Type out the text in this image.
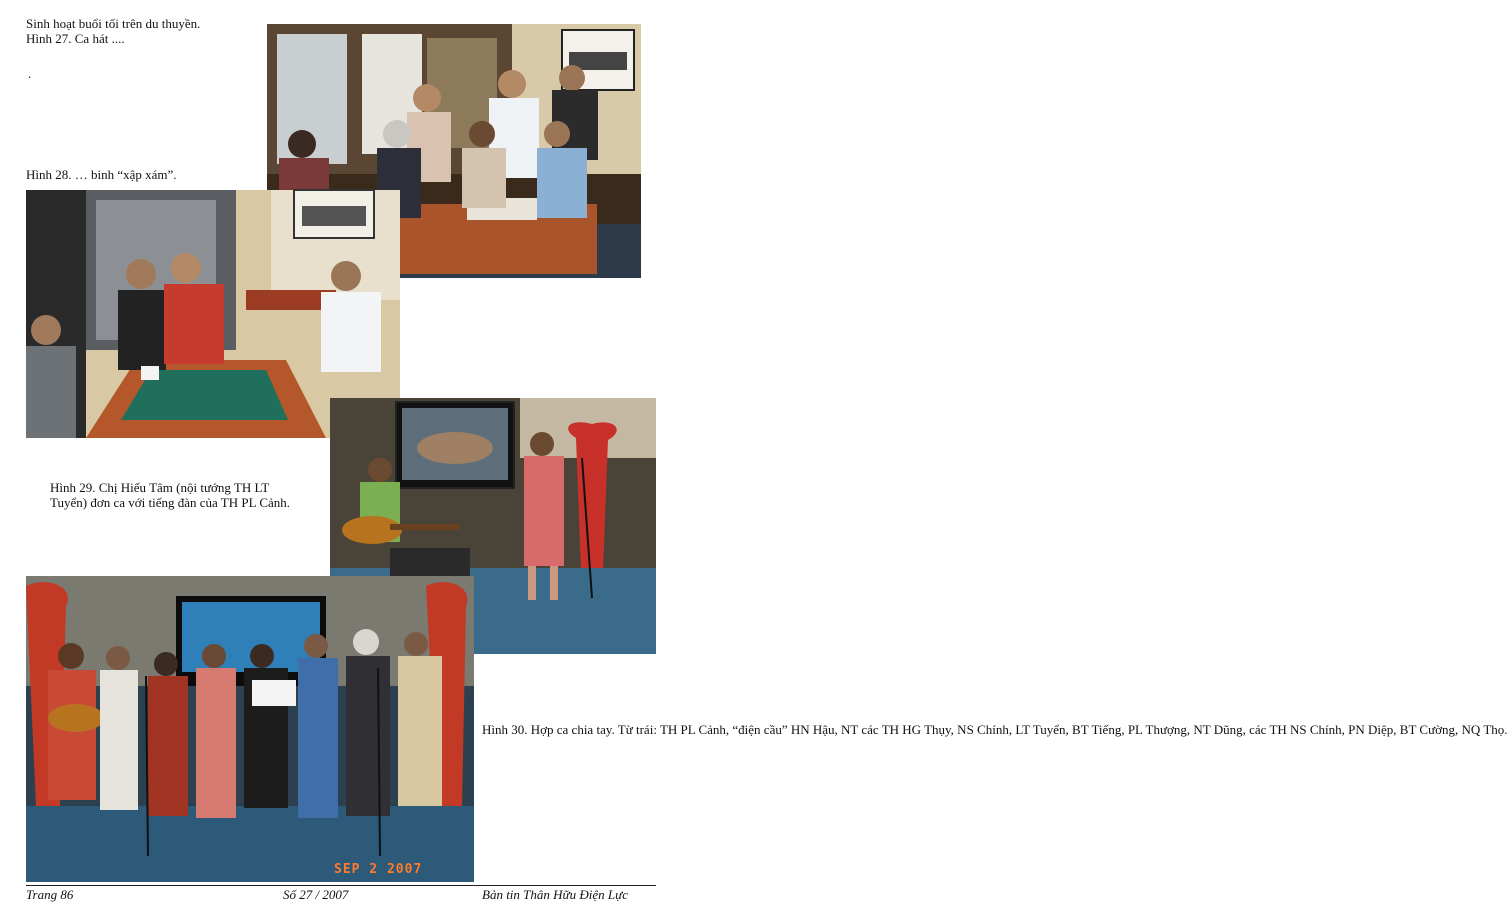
Sinh hoạt buổi tối trên du thuyền.
Hình 27. Ca hát ....
.
Hình 28. … binh “xập xám”.
Hình 29. Chị Hiếu Tâm (nội tướng TH LT
Tuyển) đơn ca với tiếng đàn của TH PL Cảnh.
SEP 2 2007
Hình 30. Hợp ca chia tay. Từ trái: TH PL Cảnh, “điện cầu” HN Hậu, NT các TH HG Thụy, NS Chính, LT Tuyển, BT Tiếng, PL Thượng, NT Dũng, các TH NS Chính, PN Diệp, BT Cường, NQ Thọ.
Trang 86	Số 27 / 2007	Bản tin Thân Hữu Điện Lực
